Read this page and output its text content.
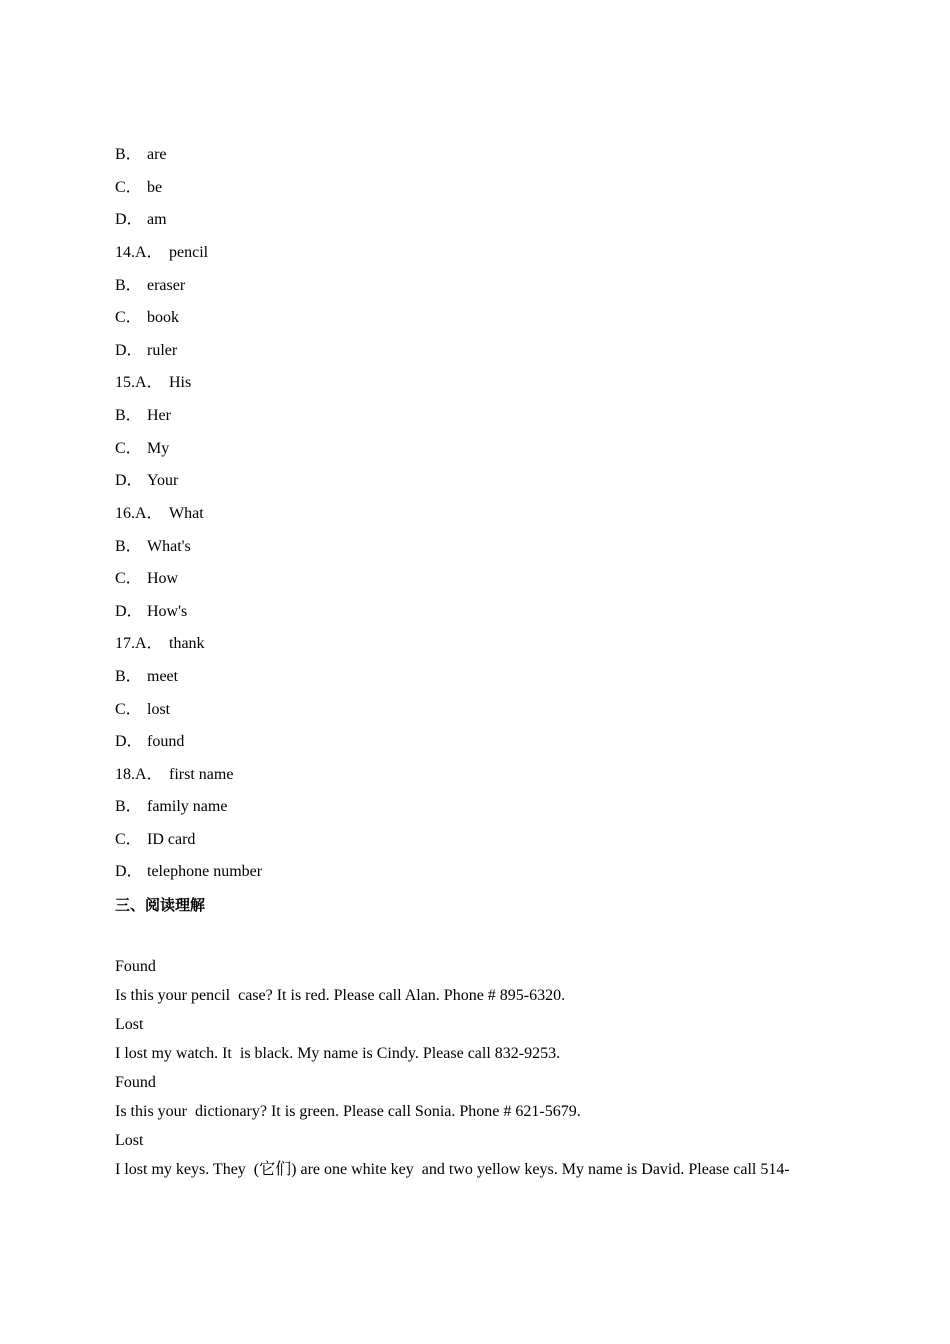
B． are
C． be
D． am
14.A． pencil
B． eraser
C． book
D． ruler
15.A． His
B． Her
C． My
D． Your
16.A． What
B． What's
C． How
D． How's
17.A． thank
B． meet
C． lost
D． found
18.A． first name
B． family name
C． ID card
D． telephone number
三、阅读理解
Found
Is this your pencil  case? It is red. Please call Alan. Phone # 895-6320.
Lost
I lost my watch. It  is black. My name is Cindy. Please call 832-9253.
Found
Is this your  dictionary? It is green. Please call Sonia. Phone # 621-5679.
Lost
I lost my keys. They  (它们) are one white key  and two yellow keys. My name is David. Please call 514-
